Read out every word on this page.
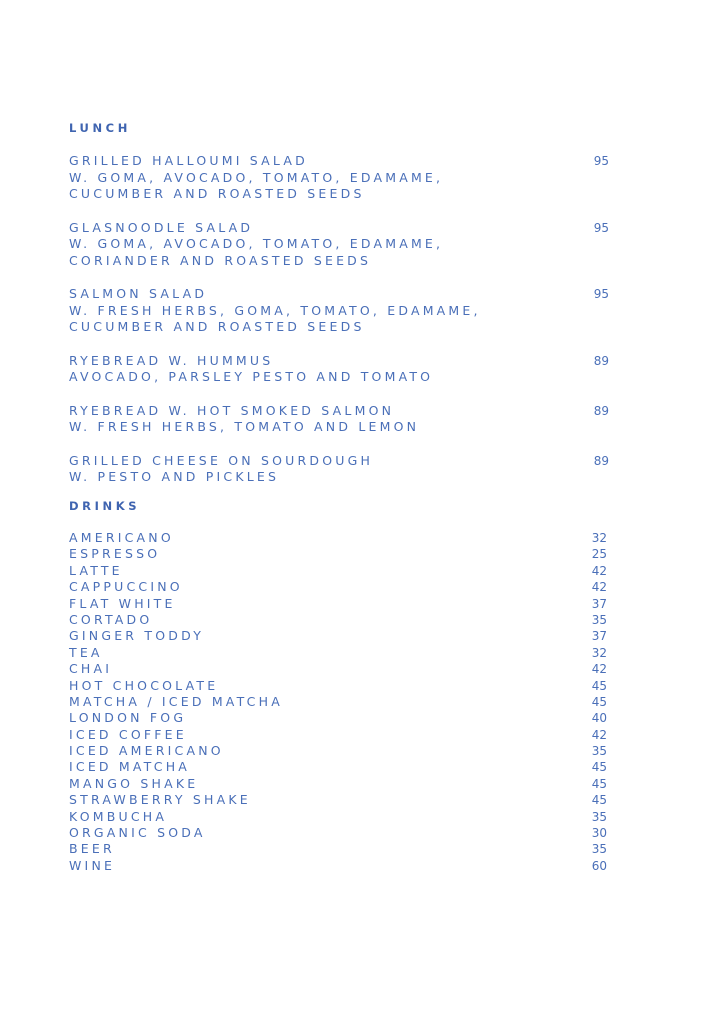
LUNCH
GRILLED HALLOUMI SALAD
W. GOMA, AVOCADO, TOMATO, EDAMAME,
CUCUMBER AND ROASTED SEEDS
95
GLASNOODLE SALAD
W. GOMA, AVOCADO, TOMATO, EDAMAME,
CORIANDER AND ROASTED SEEDS
95
SALMON SALAD
W. FRESH HERBS, GOMA, TOMATO, EDAMAME,
CUCUMBER AND ROASTED SEEDS
95
RYEBREAD W. HUMMUS
AVOCADO, PARSLEY PESTO AND TOMATO
89
RYEBREAD W. HOT SMOKED SALMON
W. FRESH HERBS, TOMATO AND LEMON
89
GRILLED CHEESE ON SOURDOUGH
W. PESTO AND PICKLES
89
DRINKS
AMERICANO	32
ESPRESSO	25
LATTE	42
CAPPUCCINO	42
FLAT WHITE	37
CORTADO	35
GINGER TODDY	37
TEA	32
CHAI	42
HOT CHOCOLATE	45
MATCHA / ICED MATCHA	45
LONDON FOG	40
ICED COFFEE	42
ICED AMERICANO	35
ICED MATCHA	45
MANGO SHAKE	45
STRAWBERRY SHAKE	45
KOMBUCHA	35
ORGANIC SODA	30
BEER	35
WINE	60
